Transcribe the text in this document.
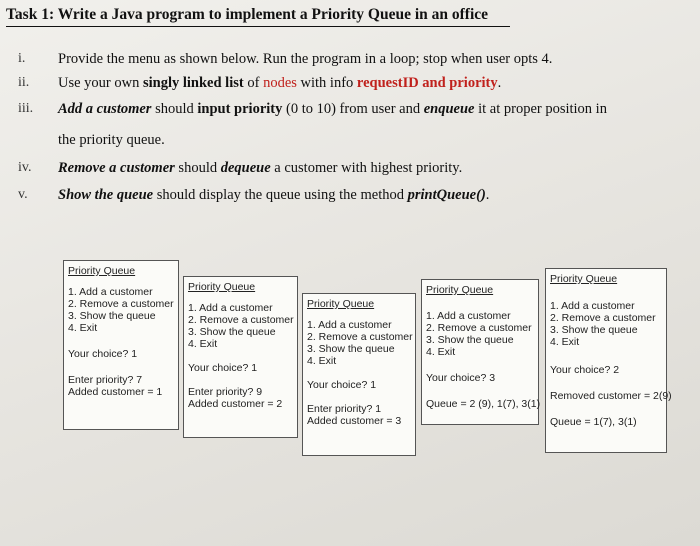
Task 1: Write a Java program to implement a Priority Queue in an office
i.	Provide the menu as shown below. Run the program in a loop; stop when user opts 4.
ii.	Use your own singly linked list of nodes with info requestID and priority.
iii.	Add a customer should input priority (0 to 10) from user and enqueue it at proper position in
the priority queue.
iv.	Remove a customer should dequeue a customer with highest priority.
v.	Show the queue should display the queue using the method printQueue().
Priority Queue
1. Add a customer
2. Remove a customer
3. Show the queue
4. Exit
Your choice? 1
Enter priority? 7
Added customer = 1
Priority Queue
1. Add a customer
2. Remove a customer
3. Show the queue
4. Exit
Your choice? 1
Enter priority? 9
Added customer = 2
Priority Queue
1. Add a customer
2. Remove a customer
3. Show the queue
4. Exit
Your choice? 1
Enter priority? 1
Added customer = 3
Priority Queue
1. Add a customer
2. Remove a customer
3. Show the queue
4. Exit
Your choice? 3
Queue = 2 (9), 1(7), 3(1)
Priority Queue
1. Add a customer
2. Remove a customer
3. Show the queue
4. Exit
Your choice? 2
Removed customer = 2(9)
Queue = 1(7), 3(1)
